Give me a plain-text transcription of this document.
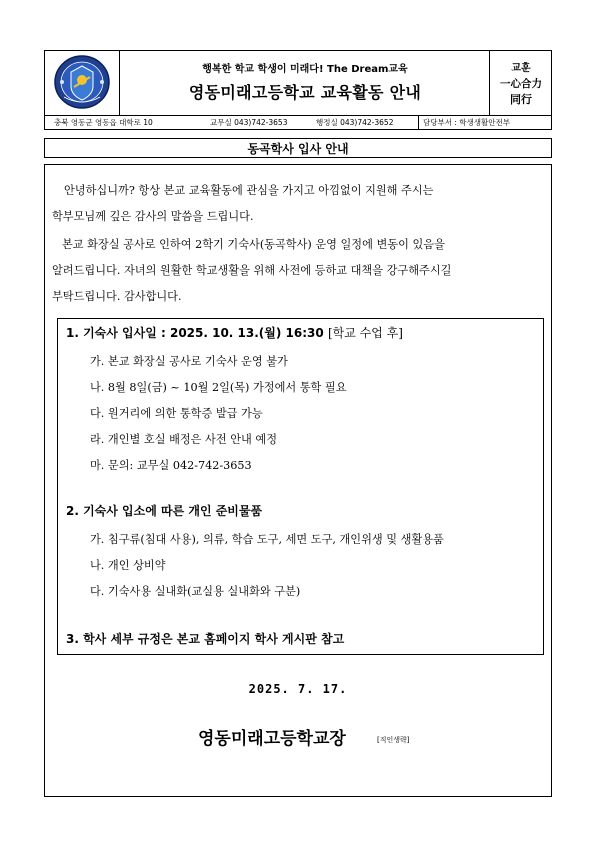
행복한 학교 학생이 미래다! The Dream교육
영동미래고등학교 교육활동 안내
교훈
一心合力
同行
충북 영동군 영동읍 대학로 10	교무실 043)742-3653	행정실 043)742-3652	담당부서 : 학생생활안전부
동곡학사 입사 안내
안녕하십니까? 항상 본교 교육활동에 관심을 가지고 아낌없이 지원해 주시는
학부모님께 깊은 감사의 말씀을 드립니다.
본교 화장실 공사로 인하여 2학기 기숙사(동곡학사) 운영 일정에 변동이 있음을
알려드립니다. 자녀의 원활한 학교생활을 위해 사전에 등하교 대책을 강구해주시길
부탁드립니다. 감사합니다.
1. 기숙사 입사일 : 2025. 10. 13.(월) 16:30 [학교 수업 후]
가. 본교 화장실 공사로 기숙사 운영 불가
나. 8월 8일(금) ~ 10월 2일(목) 가정에서 통학 필요
다. 원거리에 의한 통학증 발급 가능
라. 개인별 호실 배정은 사전 안내 예정
마. 문의: 교무실 042-742-3653
2. 기숙사 입소에 따른 개인 준비물품
가. 침구류(침대 사용), 의류, 학습 도구, 세면 도구, 개인위생 및 생활용품
나. 개인 상비약
다. 기숙사용 실내화(교실용 실내화와 구분)
3. 학사 세부 규정은 본교 홈페이지 학사 게시판 참고
2025. 7. 17.
영동미래고등학교장	[직인생략]
